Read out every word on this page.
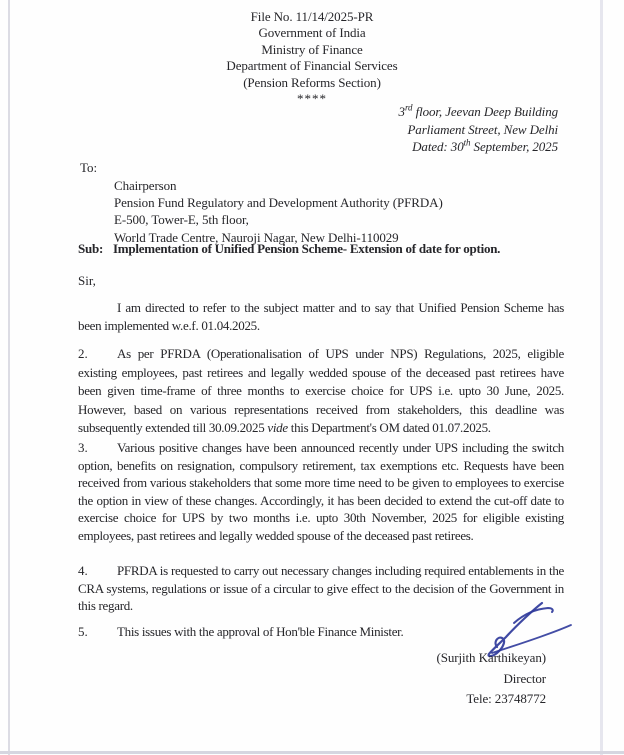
File No. 11/14/2025-PR
Government of India
Ministry of Finance
Department of Financial Services
(Pension Reforms Section)
****
3rd floor, Jeevan Deep Building
Parliament Street, New Delhi
Dated: 30th September, 2025
To:
Chairperson
Pension Fund Regulatory and Development Authority (PFRDA)
E-500, Tower-E, 5th floor,
World Trade Centre, Nauroji Nagar, New Delhi-110029
Sub: Implementation of Unified Pension Scheme- Extension of date for option.
Sir,

I am directed to refer to the subject matter and to say that Unified Pension Scheme has been implemented w.e.f. 01.04.2025.

2. As per PFRDA (Operationalisation of UPS under NPS) Regulations, 2025, eligible existing employees, past retirees and legally wedded spouse of the deceased past retirees have been given time-frame of three months to exercise choice for UPS i.e. upto 30 June, 2025. However, based on various representations received from stakeholders, this deadline was subsequently extended till 30.09.2025 vide this Department's OM dated 01.07.2025.

3. Various positive changes have been announced recently under UPS including the switch option, benefits on resignation, compulsory retirement, tax exemptions etc. Requests have been received from various stakeholders that some more time need to be given to employees to exercise the option in view of these changes. Accordingly, it has been decided to extend the cut-off date to exercise choice for UPS by two months i.e. upto 30th November, 2025 for eligible existing employees, past retirees and legally wedded spouse of the deceased past retirees.

4. PFRDA is requested to carry out necessary changes including required entablements in the CRA systems, regulations or issue of a circular to give effect to the decision of the Government in this regard.

5. This issues with the approval of Hon'ble Finance Minister.

(Surjith Karthikeyan)
Director
Tele: 23748772
